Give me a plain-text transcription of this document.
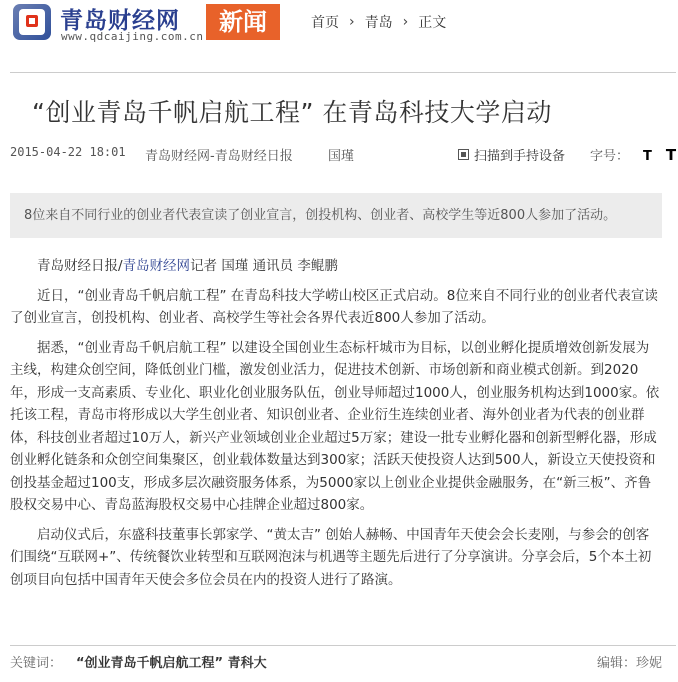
青岛财经网
www.qdcaijing.com.cn
新闻	首页 › 青岛 › 正文
“创业青岛千帆启航工程” 在青岛科技大学启动
2015-04-22 18:01 青岛财经网-青岛财经日报	国瑾	扫描到手持设备 字号： T T
8位来自不同行业的创业者代表宣读了创业宣言，创投机构、创业者、高校学生等近800人参加了活动。

青岛财经日报/青岛财经网记者 国瑾 通讯员 李鲲鹏

近日，“创业青岛千帆启航工程” 在青岛科技大学崂山校区正式启动。8位来自不同行业的创业者代表宣读了创业宣言，创投机构、创业者、高校学生等社会各界代表近800人参加了活动。

据悉，“创业青岛千帆启航工程” 以建设全国创业生态标杆城市为目标，以创业孵化提质增效创新发展为主线，构建众创空间，降低创业门槛，激发创业活力，促进技术创新、市场创新和商业模式创新。到2020年，形成一支高素质、专业化、职业化创业服务队伍，创业导师超过1000人，创业服务机构达到1000家。依托该工程，青岛市将形成以大学生创业者、知识创业者、企业衍生连续创业者、海外创业者为代表的创业群体，科技创业者超过10万人，新兴产业领域创业企业超过5万家；建设一批专业孵化器和创新型孵化器，形成创业孵化链条和众创空间集聚区，创业载体数量达到300家；活跃天使投资人达到500人，新设立天使投资和创投基金超过100支，形成多层次融资服务体系，为5000家以上创业企业提供金融服务，在“新三板”、齐鲁股权交易中心、青岛蓝海股权交易中心挂牌企业超过800家。

启动仪式后，东盛科技董事长郭家学、“黄太吉” 创始人赫畅、中国青年天使会会长麦刚，与参会的创客们围绕“互联网+”、传统餐饮业转型和互联网泡沫与机遇等主题先后进行了分享演讲。分享会后，5个本土初创项目向包括中国青年天使会多位会员在内的投资人进行了路演。

关键词： “创业青岛千帆启航工程” 青科大	编辑：珍妮
